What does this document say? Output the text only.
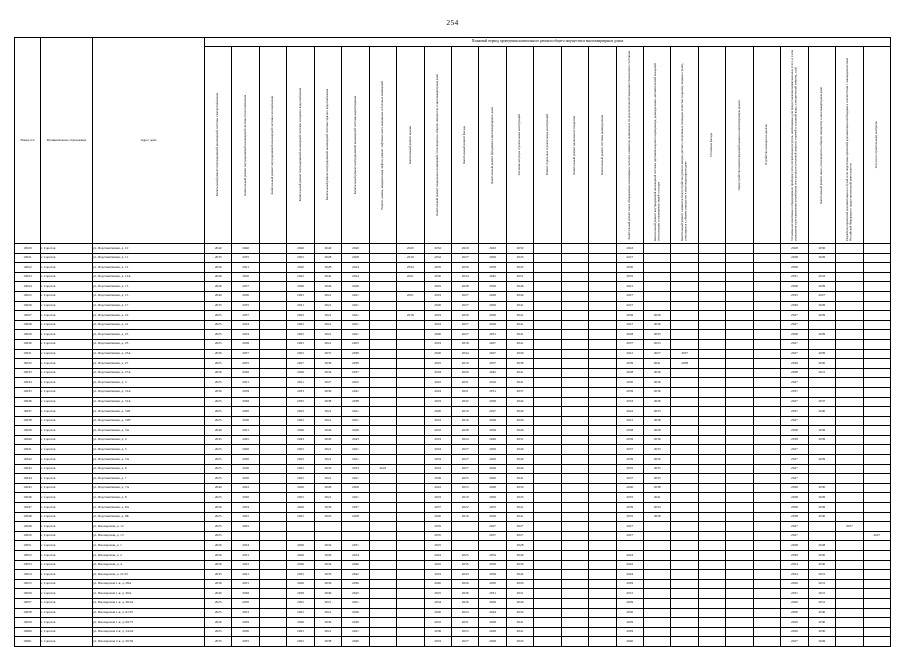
254
Номер п/п	Муниципальное образование	Адрес дома	Плановый период проведения капитального ремонта общего имущества в многоквартирных домах																								

			Капитальный ремонт внутридомовой инженерной системы электроснабжения	Капитальный ремонт внутридомовой инженерной системы теплоснабжения	Капитальный ремонт внутридомовой инженерной системы газоснабжения	Капитальный ремонт внутридомовой инженерной системы холодного водоснабжения	Капитальный ремонт внутридомовой инженерной системы горячего водоснабжения	Капитальный ремонт внутридомовой инженерной системы водоотведения	Ремонт, замена, модернизация лифтов, ремонт лифтовых шахт, машинных и блочных помещений	Капитальный ремонт крыши	Капитальный ремонт подвальных помещений, относящихся к общему имуществу в многоквартирном доме	Капитальный ремонт фасада	Капитальный ремонт фундамента многоквартирного дома	Усиление несущих строительных конструкций	Ремонт отдельных строительных конструкций	Капитальный ремонт кровельного покрытия	Капитальный ремонт системы дымоудаления	Капитальный ремонт иных общедомовых инженерных систем и элементов, выявленных по результатам обследования технического состояния	Капитальный ремонт внутридомовой инженерной системы противопожарного водопровода, дымоудаления, автоматической пожарной сигнализации и оповещения людей о пожаре	Капитальный ремонт элементов благоустройства (ремонт дворов, детских, спортивных площадок отмостки и крылец, входных групп), относящихся к общему имуществу в многоквартирном доме	Утепление фасада	Переустройство невентилируемой крыши на вентилируемую крышу	Устройство выходов на кровлю	Установка коллективных (общедомовых) приборов учета потребления ресурсов, необходимых для предоставления коммунальных услуг, и узлов управления и регулирования потребления этих ресурсов (тепловой энергии, горячей и холодной воды, электрической энергии, газа)	Капитальный ремонт иных, относящихся к общему имуществу в многоквартирном доме	Разработка проектной документации на случай если подготовка проектной документации необходима в соответствии с законодательством Российской Федерации о градостроительной деятельности	Услуги по строительному контролю

10020	г. Саратов	ул. Перспективная, д. 10	2040	2040		2040	2040	2040		2020	2032	2020	2043	2050				2043						2028	2030		
10021	г. Саратов	ул. Перспективная, д. 11	2035	2035		2025	2028	2028		2019	2032	2027	2029	2043				2027						2028	2029		
10022	г. Саратов	ул. Перспективная, д. 12	2026	2021		2020	2028	2024		2034	2035	2026	2039	2043				2030						2028			
10023	г. Саратов	ул. Перспективная, д. 12А	2046	2050		2042	2042	2044		2021	2030	2034	2042	2051				2035						2031	2033		
10024	г. Саратов	ул. Перспективная, д. 13	2026	2037		2026	2026	2026			2025	2028	2030	2046				2041						2028	2029		
10025	г. Саратов	ул. Перспективная, д. 15	2040	2030		2025	2021	2021		2021	2019	2027	2029	2040				2027						2035	2027		
10026	г. Саратов	ул. Перспективная, д. 17	2035	2035		2021	2021	2021			2020	2027	2029	2041				2027						2036	2029		
10027	г. Саратов	ул. Перспективная, д. 19	2025	2037		2025	2021	2021		2018	2019	2029	2036	2041				2036	2028					2027	2029		
10028	г. Саратов	ул. Перспективная, д. 21	2025	2034		2025	2021	2021			2019	2027	2029	2041				2027	2036					2027			
10029	г. Саратов	ул. Перспективная, д. 23	2025	2034		2025	2021	2021			2020	2027	2031	2041				2028	2035					2028	2029		
10030	г. Саратов	ул. Перспективная, д. 25	2025	2036		2025	2021	2025			2019	2018	2027	2041				2037	2025					2027			
10031	г. Саратов	ул. Перспективная, д. 25А	2039	2037		2025	2037	2039			2020	2034	2027	2039				2041	2027	2037				2027	2039		
10032	г. Саратов	ул. Перспективная, д. 27	2025	2035		2027	2039	2039			2025	2019	2037	2038				2039	2041	2038				2036	2030		
10033	г. Саратов	ул. Перспективная, д. 27А	2026	2036		2026	2034	2037			2018	2020	2042	2041				2038	2036					2028	2031		
10034	г. Саратов	ул. Перспективная, д. 3	2025	2021		2021	2027	2022			2022	2031	2016	2041				2030	2036					2027			
10035	г. Саратов	ул. Перспективная, д. 31А	2039	2039		2033	2039	2041			2024	2021	2031	2037				2039	2036					2037			
10036	г. Саратов	ул. Перспективная, д. 31А	2025	2036		2035	2038	2038			2019	2032	2039	2042				2033	2036					2027	2037		
10037	г. Саратов	ул. Перспективная, д. 31Б	2025	2020		2025	2021	2021			2020	2019	2027	2040				2042	2033					2037	2040		
10038	г. Саратов	ул. Перспективная, д. 31В	2025	2030		2025	2021	2021			2019	2019	2026	2029				2041	2038					2027			
10039	г. Саратов	ул. Перспективная, д. 3А	2040	2021		2026	2026	2026			2032	2028	2039	2040				2038	2028					2028	2036		
10040	г. Саратов	ул. Перспективная, д. 4	2045	2045		2043	2043	2043			2019	2024	2049	2031				2039	2039					2038	2039		
10041	г. Саратов	ул. Перспективная, д. 5	2025	2020		2025	2021	2021			2034	2027	2029	2040				2037	2033					2027			
10042	г. Саратов	ул. Перспективная, д. 5А	2025	2030		2025	2021	2021			2034	2027	2029	2040				2039	2030					2027	2029		
10043	г. Саратов	ул. Перспективная, д. 6	2025	2030		2025	2033	2033	2022		2019	2027	2029	2040				2035	2035					2027			
10044	г. Саратов	ул. Перспективная, д. 7	2025	2030		2025	2021	2021			2036	2025	2020	2041				2037	2035					2027			
10045	г. Саратов	ул. Перспективная, д. 7А	2040	2022		2026	2026	2028			2022	2025	2028	2030				2040	2038					2028	2030		
10046	г. Саратов	ул. Перспективная, д. 8	2025	2030		2025	2021	2021			2019	2019	2029	2043				2035	2041					2028	2029		
10047	г. Саратов	ул. Перспективная, д. 8А	2026	2034		2026	2034	2037			2037	2022	2035	2041				2039	2034					2028	2036		
10048	г. Саратов	ул. Перспективная, д. 8Б	2025	2025		2025	2025	2028			2020	2019	2029	2041				2035	2028					2038	2030		
10049	г. Саратов	ул. Пионерская, д. 12	2025	2025							2035		2027	2027				2027						2027		2037	
10050	г. Саратов	ул. Пионерская, д. 13	2025								2035		2037	2027				2027						2027			2027
10051	г. Саратов	ул. Пионерская, д. 1	2026	2034		2026	2034	2031			2025			2028										2028	2028		
10052	г. Саратов	ул. Пионерская, д. 2	2026	2031		2026	2026	2034			2024	2025	2034	2040				2043						2030	2030		
10053	г. Саратов	ул. Пионерская, д. 4	2026	2022		2036	2034	2040			2025	2035	2050	2039				2042						2034	2030		
10054	г. Саратов	ул. Пионерская, д. 21/25	2045	2041		2035	2033	2042			2019	2043	2039	2042				2044						2034	2031		
10055	г. Саратов	ул. Пионерская 1-я, д. 28А	2036	2031		2026	2036	2036			2020	2026	2030	2029				2029						2029	2031		
10056	г. Саратов	ул. Пионерская 1-я, д. 30А	2040	2036		2039	2039	2045			2025	2036	2031	2031				2031						2031	2031		
10057	г. Саратов	ул. Пионерская 1-я, д. 36/44	2025	2030		2025	2021	2021			2034	2026	2029	2040				2029						2029	2031		
10058	г. Саратов	ул. Пионерская 1-я, д. 61/67	2025	2033		2025	2021	2036			2020	2024	2024	2034				2030						2029	2030		
10059	г. Саратов	ул. Пионерская 1-я, д. 69/75	2026	2039		2026	2030	2039			2032	2031	2028	2041				2029						2029	2030		
10060	г. Саратов	ул. Пионерская 2-я, д. 34/44	2025	2030		2025	2021	2021			2036	2025	2029	2041				2029						2029	2030		
10061	г. Саратов	ул. Пионерская 2-я, д. 50/56	2035	2035		2025	2038	2040			2019	2027	2029	2043				2040						2027	2029		
